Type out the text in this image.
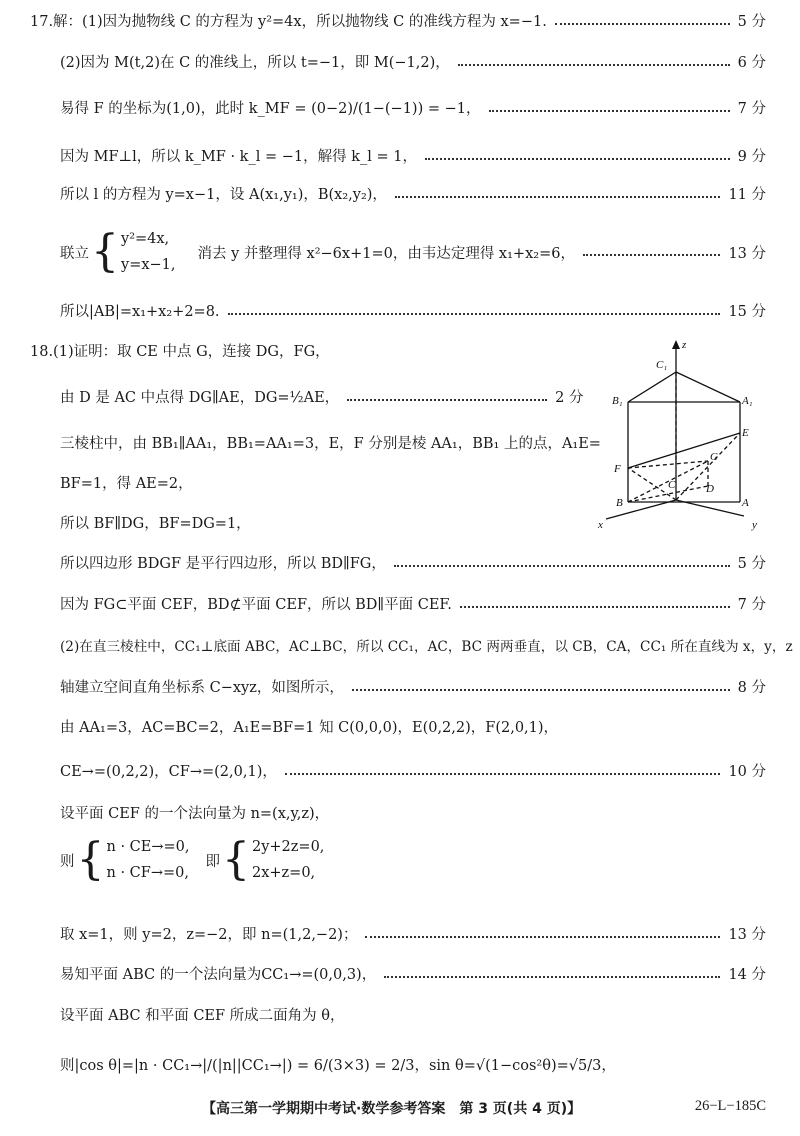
17.解：(1)因为抛物线 C 的方程为 y²=4x，所以抛物线 C 的准线方程为 x=−1.	5 分
(2)因为 M(t,2)在 C 的准线上，所以 t=−1，即 M(−1,2)，	6 分
易得 F 的坐标为(1,0)，此时 k_MF = (0−2)/(1−(−1)) = −1，	7 分
因为 MF⊥l，所以 k_MF · k_l = −1，解得 k_l = 1，	9 分
所以 l 的方程为 y=x−1，设 A(x₁,y₁)，B(x₂,y₂)，	11 分
联立 { y²=4x,
y=x−1,
消去 y 并整理得 x²−6x+1=0，由韦达定理得 x₁+x₂=6，	13 分
所以|AB|=x₁+x₂+2=8.	15 分
18.(1)证明：取 CE 中点 G，连接 DG，FG，
由 D 是 AC 中点得 DG∥AE，DG=½AE，	2 分
三棱柱中，由 BB₁∥AA₁，BB₁=AA₁=3，E，F 分别是棱 AA₁，BB₁ 上的点，A₁E=
BF=1，得 AE=2，
所以 BF∥DG，BF=DG=1，
所以四边形 BDGF 是平行四边形，所以 BD∥FG，	5 分
因为 FG⊂平面 CEF，BD⊄平面 CEF，所以 BD∥平面 CEF.	7 分
(2)在直三棱柱中，CC₁⊥底面 ABC，AC⊥BC，所以 CC₁，AC，BC 两两垂直，以 CB，CA，CC₁ 所在直线为 x，y，z
轴建立空间直角坐标系 C−xyz，如图所示，	8 分
由 AA₁=3，AC=BC=2，A₁E=BF=1 知 C(0,0,0)，E(0,2,2)，F(2,0,1)，
CE→=(0,2,2)，CF→=(2,0,1)，	10 分
设平面 CEF 的一个法向量为 n=(x,y,z)，
则 { n · CE→=0,
n · CF→=0,
即 { 2y+2z=0,
2x+z=0,
取 x=1，则 y=2，z=−2，即 n=(1,2,−2)；	13 分
易知平面 ABC 的一个法向量为CC₁→=(0,0,3)，	14 分
设平面 ABC 和平面 CEF 所成二面角为 θ，
则|cos θ|=|n · CC₁→|/(|n||CC₁→|) = 6/(3×3) = 2/3，sin θ=√(1−cos²θ)=√5/3，
z
x	y
C₁
B₁	A₁
E
F
G
C	D
B	A
【高三第一学期期中考试·数学参考答案　第 3 页(共 4 页)】	26−L−185C
